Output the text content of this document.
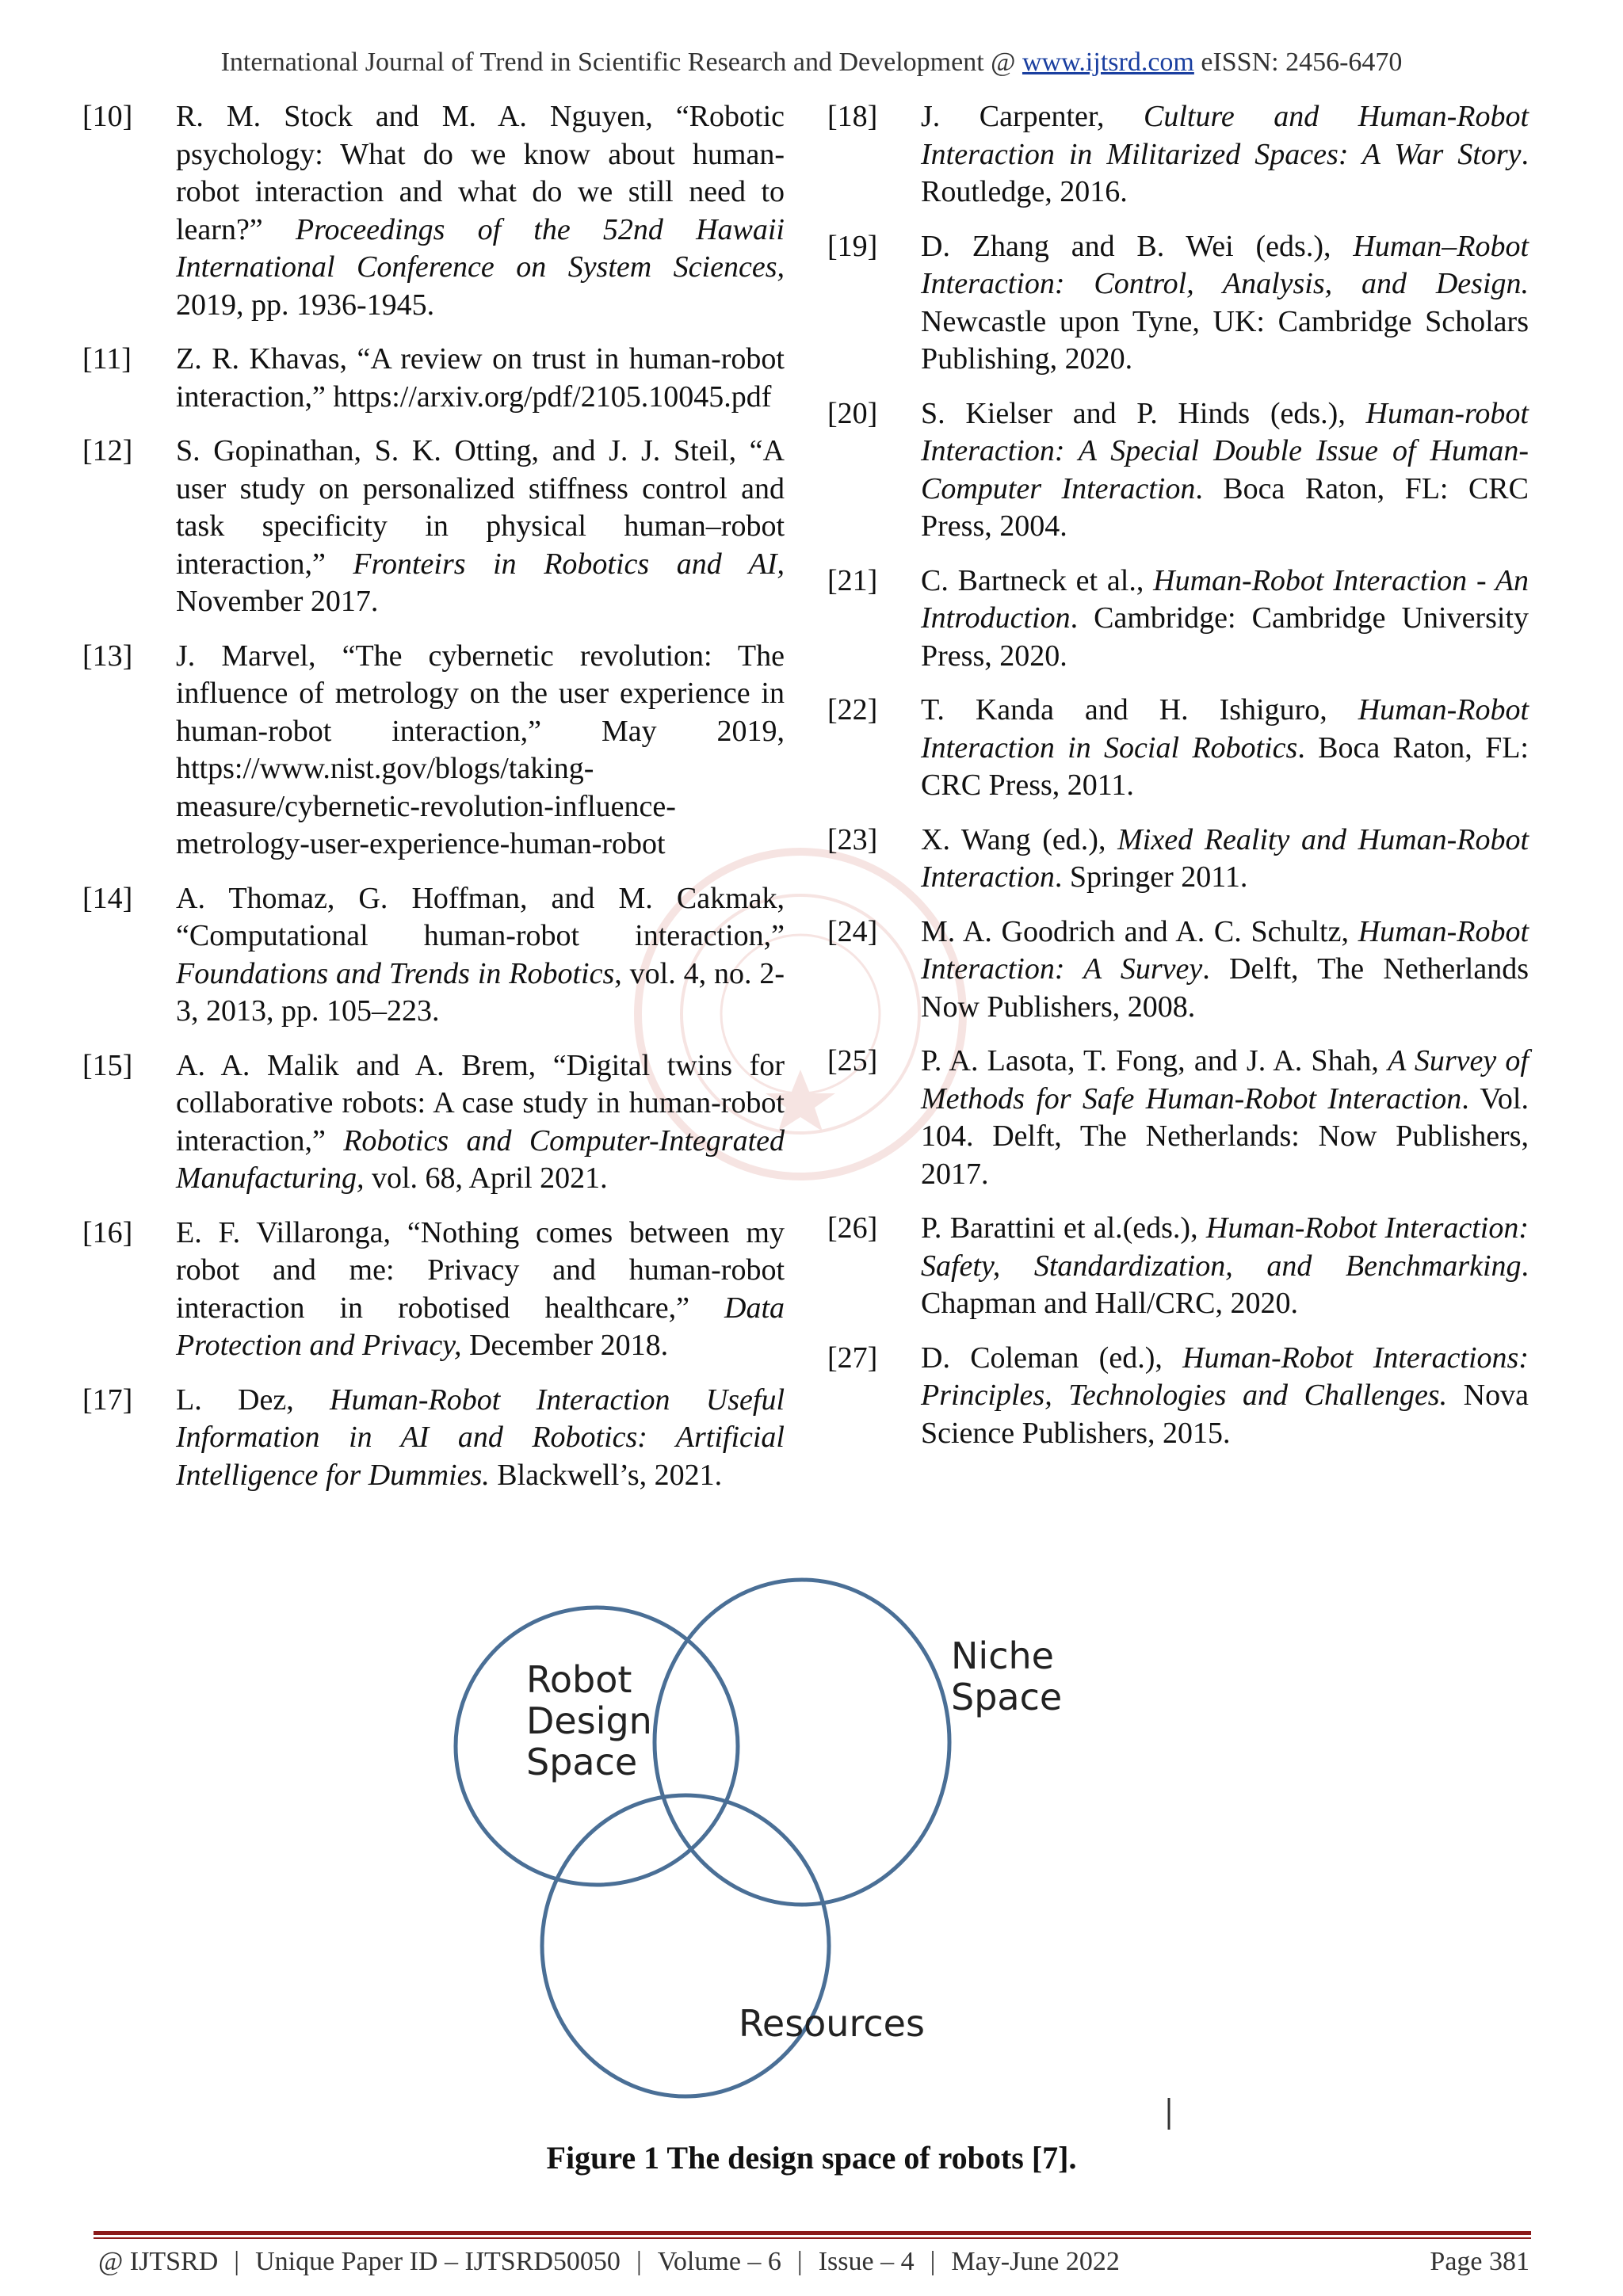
International Journal of Trend in Scientific Research and Development @ www.ijtsrd.com eISSN: 2456-6470
[10]	R. M. Stock and M. A. Nguyen, “Robotic psychology: What do we know about human-robot interaction and what do we still need to learn?” Proceedings of the 52nd Hawaii International Conference on System Sciences, 2019, pp. 1936-1945.
[11]	Z. R. Khavas, “A review on trust in human-robot interaction,” https://arxiv.org/pdf/2105.10045.pdf
[12]	S. Gopinathan, S. K. Otting, and J. J. Steil, “A user study on personalized stiffness control and task specificity in physical human–robot interaction,” Fronteirs in Robotics and AI, November 2017.
[13]	J. Marvel, “The cybernetic revolution: The influence of metrology on the user experience in human-robot interaction,” May 2019, https://www.nist.gov/blogs/taking-measure/cybernetic-revolution-influence-metrology-user-experience-human-robot
[14]	A. Thomaz, G. Hoffman, and M. Cakmak, “Computational human-robot interaction,” Foundations and Trends in Robotics, vol. 4, no. 2-3, 2013, pp. 105–223.
[15]	A. A. Malik and A. Brem, “Digital twins for collaborative robots: A case study in human-robot interaction,” Robotics and Computer-Integrated Manufacturing, vol. 68, April 2021.
[16]	E. F. Villaronga, “Nothing comes between my robot and me: Privacy and human-robot interaction in robotised healthcare,” Data Protection and Privacy, December 2018.
[17]	L. Dez, Human-Robot Interaction Useful Information in AI and Robotics: Artificial Intelligence for Dummies. Blackwell’s, 2021.
[18]	J. Carpenter, Culture and Human-Robot Interaction in Militarized Spaces: A War Story. Routledge, 2016.
[19]	D. Zhang and B. Wei (eds.), Human–Robot Interaction: Control, Analysis, and Design. Newcastle upon Tyne, UK: Cambridge Scholars Publishing, 2020.
[20]	S. Kielser and P. Hinds (eds.), Human-robot Interaction: A Special Double Issue of Human-Computer Interaction. Boca Raton, FL: CRC Press, 2004.
[21]	C. Bartneck et al., Human-Robot Interaction - An Introduction. Cambridge: Cambridge University Press, 2020.
[22]	T. Kanda and H. Ishiguro, Human-Robot Interaction in Social Robotics. Boca Raton, FL: CRC Press, 2011.
[23]	X. Wang (ed.), Mixed Reality and Human-Robot Interaction. Springer 2011.
[24]	M. A. Goodrich and A. C. Schultz, Human-Robot Interaction: A Survey. Delft, The Netherlands Now Publishers, 2008.
[25]	P. A. Lasota, T. Fong, and J. A. Shah, A Survey of Methods for Safe Human-Robot Interaction. Vol. 104. Delft, The Netherlands: Now Publishers, 2017.
[26]	P. Barattini et al.(eds.), Human-Robot Interaction: Safety, Standardization, and Benchmarking. Chapman and Hall/CRC, 2020.
[27]	D. Coleman (ed.), Human-Robot Interactions: Principles, Technologies and Challenges. Nova Science Publishers, 2015.
Robot
Design
Space
Niche
Space
Resources
Figure 1 The design space of robots [7].
@ IJTSRD | Unique Paper ID – IJTSRD50050 | Volume – 6 | Issue – 4 | May-June 2022	Page 381
